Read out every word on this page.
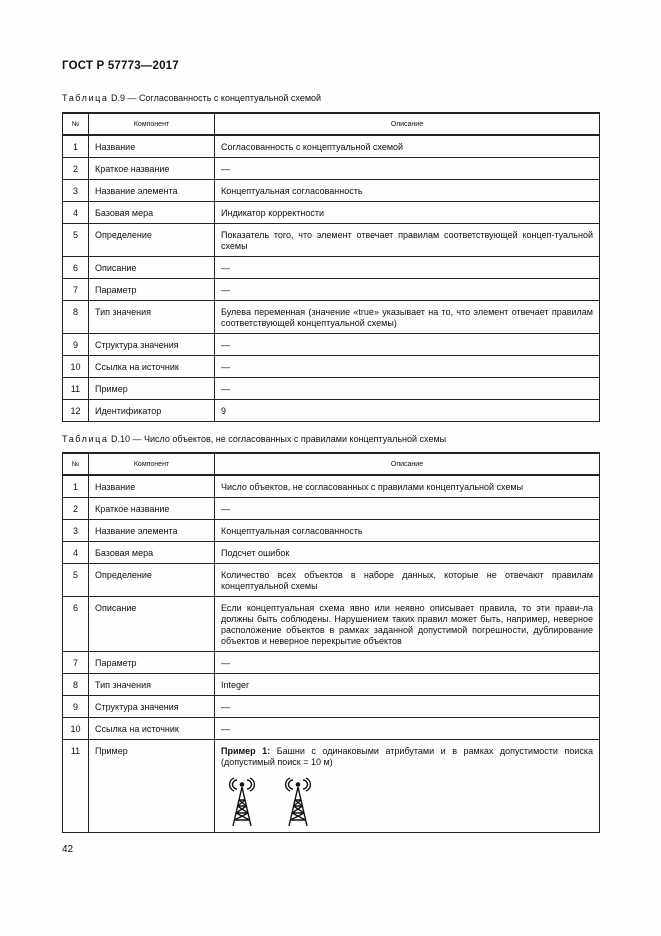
ГОСТ Р 57773—2017
Таблица D.9 — Согласованность с концептуальной схемой
№	Компонент	Описание
1	Название	Согласованность с концептуальной схемой
2	Краткое название	—
3	Название элемента	Концептуальная согласованность
4	Базовая мера	Индикатор корректности
5	Определение	Показатель того, что элемент отвечает правилам соответствующей концеп-туальной схемы
6	Описание	—
7	Параметр	—
8	Тип значения	Булева переменная (значение «true» указывает на то, что элемент отвечает правилам соответствующей концептуальной схемы)
9	Структура значения	—
10	Ссылка на источник	—
11	Пример	—
12	Идентификатор	9
Таблица D.10 — Число объектов, не согласованных с правилами концептуальной схемы
№	Компонент	Описание
1	Название	Число объектов, не согласованных с правилами концептуальной схемы
2	Краткое название	—
3	Название элемента	Концептуальная согласованность
4	Базовая мера	Подсчет ошибок
5	Определение	Количество всех объектов в наборе данных, которые не отвечают правилам концептуальной схемы
6	Описание	Если концептуальная схема явно или неявно описывает правила, то эти прави-ла должны быть соблюдены. Нарушением таких правил может быть, например, неверное расположение объектов в рамках заданной допустимой погрешности, дублирование объектов и неверное перекрытие объектов
7	Параметр	—
8	Тип значения	Integer
9	Структура значения	—
10	Ссылка на источник	—
11	Пример	Пример 1: Башни с одинаковыми атрибутами и в рамках допустимости поиска (допустимый поиск = 10 м)
42
